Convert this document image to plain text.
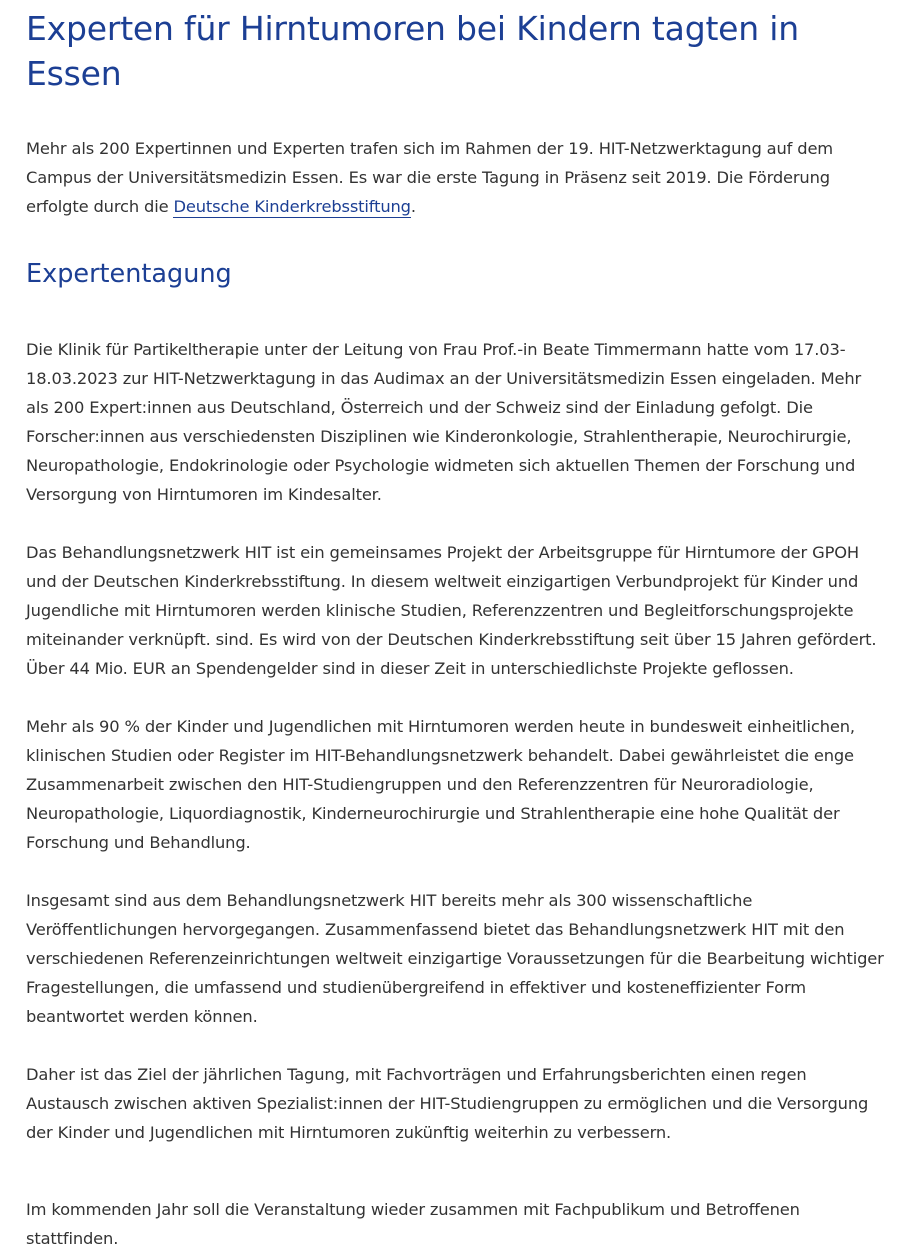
Experten für Hirntumoren bei Kindern tagten in Essen

Mehr als 200 Expertinnen und Experten trafen sich im Rahmen der 19. HIT-Netzwerktagung auf dem Campus der Universitätsmedizin Essen. Es war die erste Tagung in Präsenz seit 2019. Die Förderung erfolgte durch die Deutsche Kinderkrebsstiftung.

Expertentagung

Die Klinik für Partikeltherapie unter der Leitung von Frau Prof.-in Beate Timmermann hatte vom 17.03-18.03.2023 zur HIT-Netzwerktagung in das Audimax an der Universitätsmedizin Essen eingeladen. Mehr als 200 Expert:innen aus Deutschland, Österreich und der Schweiz sind der Einladung gefolgt. Die Forscher:innen aus verschiedensten Disziplinen wie Kinderonkologie, Strahlentherapie, Neurochirurgie, Neuropathologie, Endokrinologie oder Psychologie widmeten sich aktuellen Themen der Forschung und Versorgung von Hirntumoren im Kindesalter.

Das Behandlungsnetzwerk HIT ist ein gemeinsames Projekt der Arbeitsgruppe für Hirntumore der GPOH und der Deutschen Kinderkrebsstiftung. In diesem weltweit einzigartigen Verbundprojekt für Kinder und Jugendliche mit Hirntumoren werden klinische Studien, Referenzzentren und Begleitforschungsprojekte miteinander verknüpft. sind. Es wird von der Deutschen Kinderkrebsstiftung seit über 15 Jahren gefördert. Über 44 Mio. EUR an Spendengelder sind in dieser Zeit in unterschiedlichste Projekte geflossen.

Mehr als 90 % der Kinder und Jugendlichen mit Hirntumoren werden heute in bundesweit einheitlichen, klinischen Studien oder Register im HIT-Behandlungsnetzwerk behandelt. Dabei gewährleistet die enge Zusammenarbeit zwischen den HIT-Studiengruppen und den Referenzzentren für Neuroradiologie, Neuropathologie, Liquordiagnostik, Kinderneurochirurgie und Strahlentherapie eine hohe Qualität der Forschung und Behandlung.

Insgesamt sind aus dem Behandlungsnetzwerk HIT bereits mehr als 300 wissenschaftliche Veröffentlichungen hervorgegangen. Zusammenfassend bietet das Behandlungsnetzwerk HIT mit den verschiedenen Referenzeinrichtungen weltweit einzigartige Voraussetzungen für die Bearbeitung wichtiger Fragestellungen, die umfassend und studienübergreifend in effektiver und kosteneffizienter Form beantwortet werden können.

Daher ist das Ziel der jährlichen Tagung, mit Fachvorträgen und Erfahrungsberichten einen regen Austausch zwischen aktiven Spezialist:innen der HIT-Studiengruppen zu ermöglichen und die Versorgung der Kinder und Jugendlichen mit Hirntumoren zukünftig weiterhin zu verbessern.

Im kommenden Jahr soll die Veranstaltung wieder zusammen mit Fachpublikum und Betroffenen stattfinden.
